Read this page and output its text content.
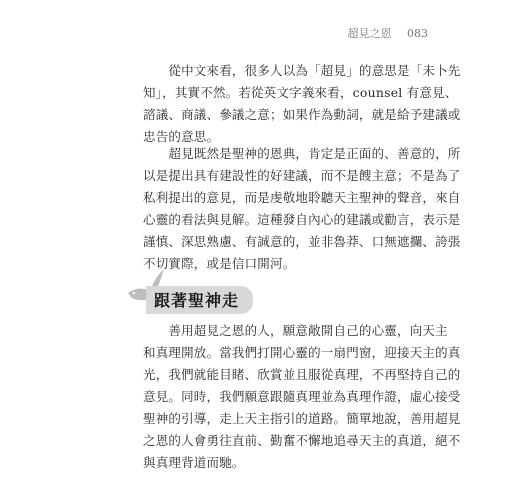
超見之恩 083

　　從中文來看，很多人以為「超見」的意思是「未卜先
知」，其實不然。若從英文字義來看，counsel 有意見、
諮議、商議、參議之意；如果作為動詞，就是給予建議或
忠告的意思。

　　超見既然是聖神的恩典，肯定是正面的、善意的，所
以是提出具有建設性的好建議，而不是餿主意；不是為了
私利提出的意見，而是虔敬地聆聽天主聖神的聲音，來自
心靈的看法與見解。這種發自內心的建議或勸言，表示是
謹慎、深思熟慮、有誠意的，並非魯莽、口無遮攔、誇張
不切實際，或是信口開河。

跟著聖神走

　　善用超見之恩的人，願意敞開自己的心靈，向天主
和真理開放。當我們打開心靈的一扇門窗，迎接天主的真
光，我們就能目睹、欣賞並且服從真理，不再堅持自己的
意見。同時，我們願意跟隨真理並為真理作證，虛心接受
聖神的引導，走上天主指引的道路。簡單地說，善用超見
之恩的人會勇往直前、勤奮不懈地追尋天主的真道，絕不
與真理背道而馳。
